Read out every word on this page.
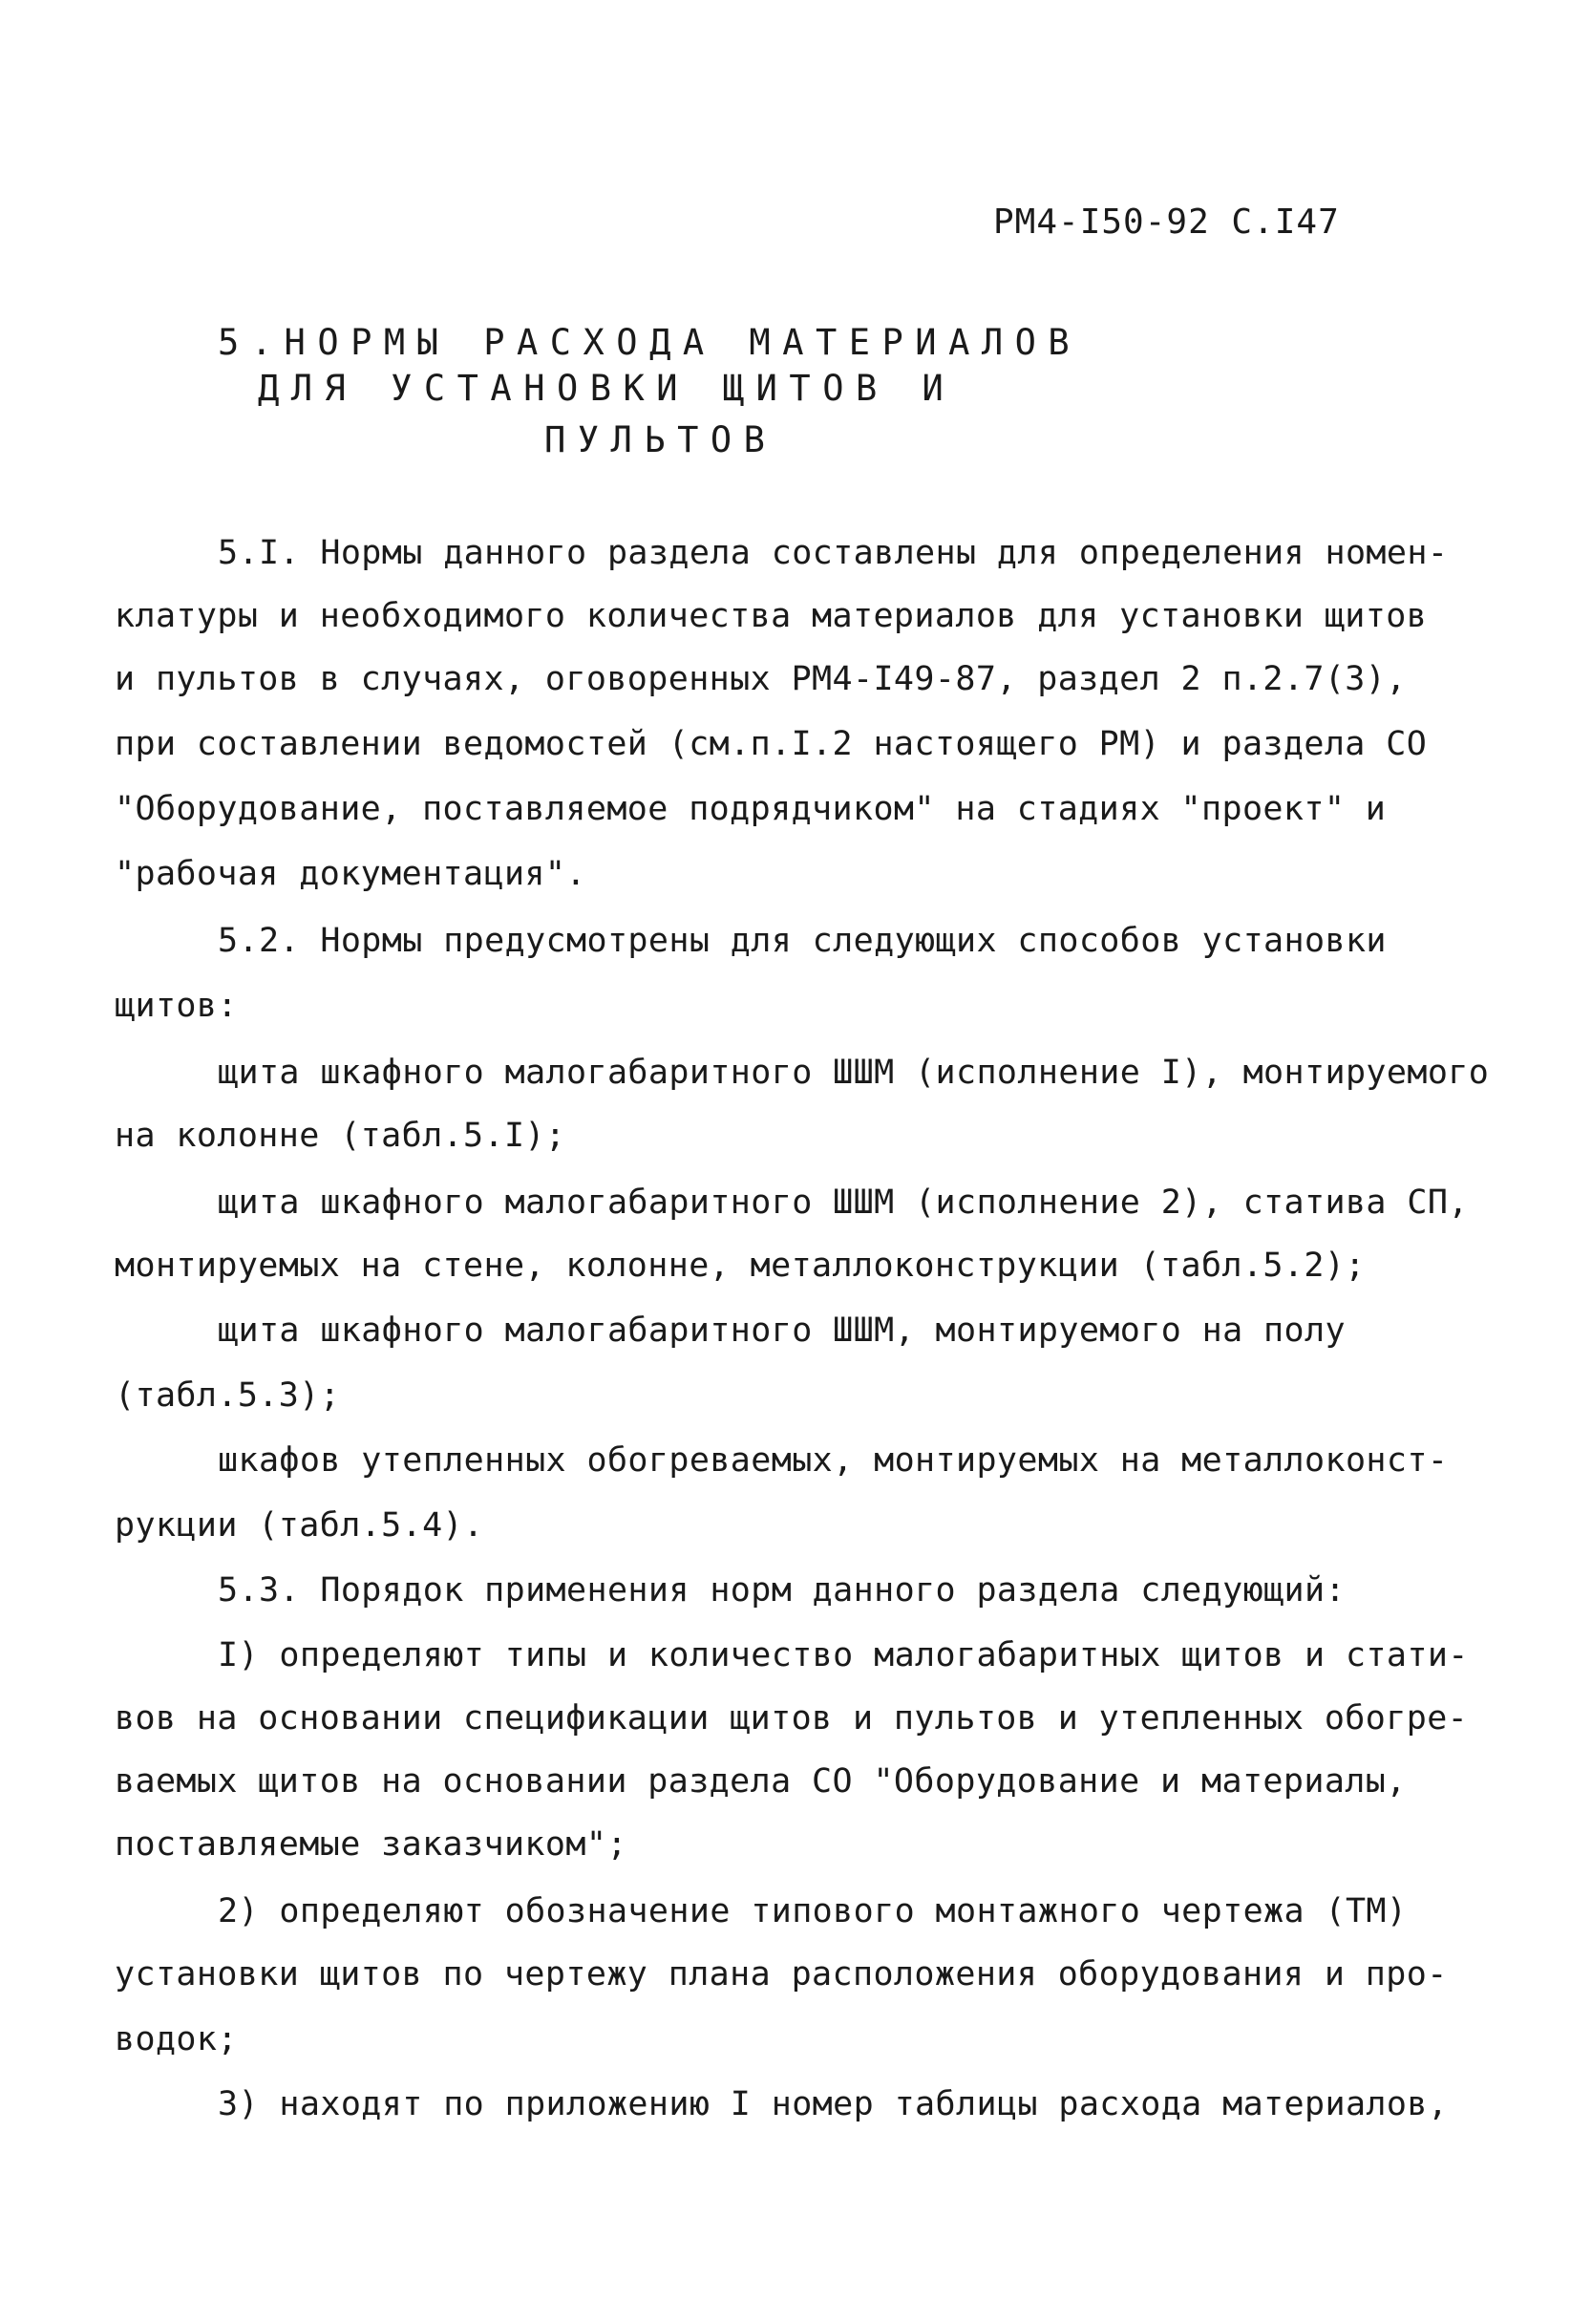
РМ4-I50-92 С.I47
5.НОРМЫ РАСХОДА МАТЕРИАЛОВ
ДЛЯ УСТАНОВКИ ЩИТОВ И
ПУЛЬТОВ
5.I. Нормы данного раздела составлены для определения номен-
клатуры и необходимого количества материалов для установки щитов
и пультов в случаях, оговоренных РМ4-I49-87, раздел 2 п.2.7(3),
при составлении ведомостей (см.п.I.2 настоящего РМ) и раздела СО
"Оборудование, поставляемое подрядчиком" на стадиях "проект" и
"рабочая документация".
5.2. Нормы предусмотрены для следующих способов установки
щитов:
щита шкафного малогабаритного ШШМ (исполнение I), монтируемого
на колонне (табл.5.I);
щита шкафного малогабаритного ШШМ (исполнение 2), статива СП,
монтируемых на стене, колонне, металлоконструкции (табл.5.2);
щита шкафного малогабаритного ШШМ, монтируемого на полу
(табл.5.3);
шкафов утепленных обогреваемых, монтируемых на металлоконст-
рукции (табл.5.4).
5.3. Порядок применения норм данного раздела следующий:
I) определяют типы и количество малогабаритных щитов и стати-
вов на основании спецификации щитов и пультов и утепленных обогре-
ваемых щитов на основании раздела СО "Оборудование и материалы,
поставляемые заказчиком";
2) определяют обозначение типового монтажного чертежа (ТМ)
установки щитов по чертежу плана расположения оборудования и про-
водок;
3) находят по приложению I номер таблицы расхода материалов,
